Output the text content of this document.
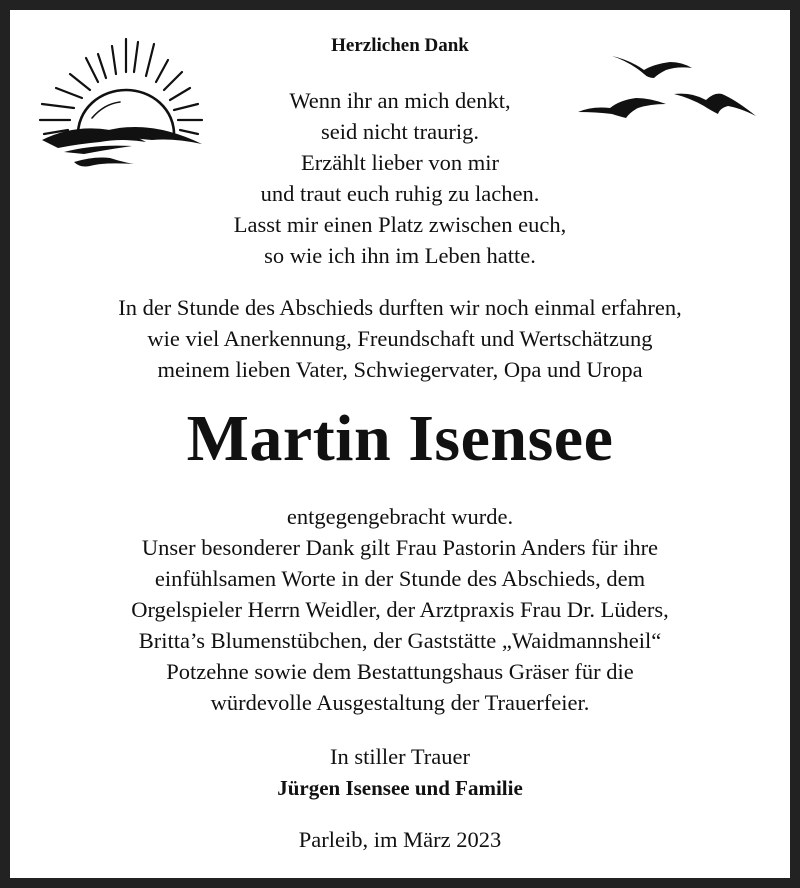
Herzlichen Dank
Wenn ihr an mich denkt,
seid nicht traurig.
Erzählt lieber von mir
und traut euch ruhig zu lachen.
Lasst mir einen Platz zwischen euch,
so wie ich ihn im Leben hatte.
In der Stunde des Abschieds durften wir noch einmal erfahren,
wie viel Anerkennung, Freundschaft und Wertschätzung
meinem lieben Vater, Schwiegervater, Opa und Uropa
Martin Isensee
entgegengebracht wurde.
Unser besonderer Dank gilt Frau Pastorin Anders für ihre
einfühlsamen Worte in der Stunde des Abschieds, dem
Orgelspieler Herrn Weidler, der Arztpraxis Frau Dr. Lüders,
Britta’s Blumenstübchen, der Gaststätte „Waidmannsheil“
Potzehne sowie dem Bestattungshaus Gräser für die
würdevolle Ausgestaltung der Trauerfeier.
In stiller Trauer
Jürgen Isensee und Familie
Parleib, im März 2023
